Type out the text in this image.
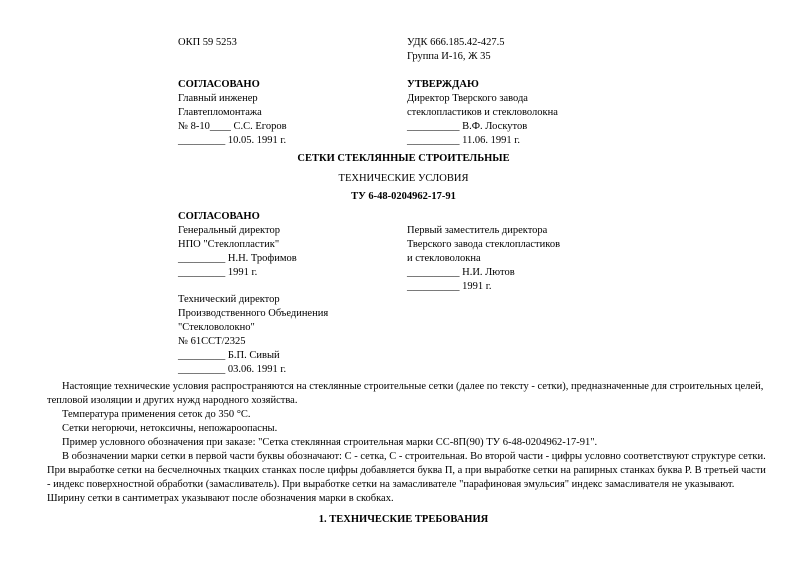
ОКП 59 5253	УДК 666.185.42-427.5
Группа И-16, Ж 35
СОГЛАСОВАНО
Главный инженер
Главтепломонтажа
№ 8-10____ С.С. Егоров
_________ 10.05. 1991 г.
УТВЕРЖДАЮ
Директор Тверского завода
стеклопластиков и стекловолокна
__________ В.Ф. Лоскутов
__________ 11.06. 1991 г.
СЕТКИ СТЕКЛЯННЫЕ СТРОИТЕЛЬНЫЕ
ТЕХНИЧЕСКИЕ УСЛОВИЯ
ТУ 6-48-0204962-17-91
СОГЛАСОВАНО
Генеральный директор
НПО "Стеклопластик"
_________ Н.Н. Трофимов
_________ 1991 г.
Первый заместитель директора
Тверского завода стеклопластиков
и стекловолокна
__________ Н.И. Лютов
__________ 1991 г.
Технический директор
Производственного Объединения
"Стекловолокно"
№ 61ССТ/2325
_________ Б.П. Сивый
_________ 03.06. 1991 г.
Настоящие технические условия распространяются на стеклянные строительные сетки (далее по тексту - сетки), предназначенные для строительных целей, тепловой изоляции и других нужд народного хозяйства.
Температура применения сеток до 350 °С.
Сетки негорючи, нетоксичны, непожароопасны.
Пример условного обозначения при заказе: "Сетка стеклянная строительная марки СС-8П(90) ТУ 6-48-0204962-17-91".
В обозначении марки сетки в первой части буквы обозначают: С - сетка, С - строительная. Во второй части - цифры условно соответствуют структуре сетки. При выработке сетки на бесчелночных ткацких станках после цифры добавляется буква П, а при выработке сетки на рапирных станках буква Р. В третьей части - индекс поверхностной обработки (замасливатель). При выработке сетки на замасливателе "парафиновая эмульсия" индекс замасливателя не указывают. Ширину сетки в сантиметрах указывают после обозначения марки в скобках.
1. ТЕХНИЧЕСКИЕ ТРЕБОВАНИЯ
